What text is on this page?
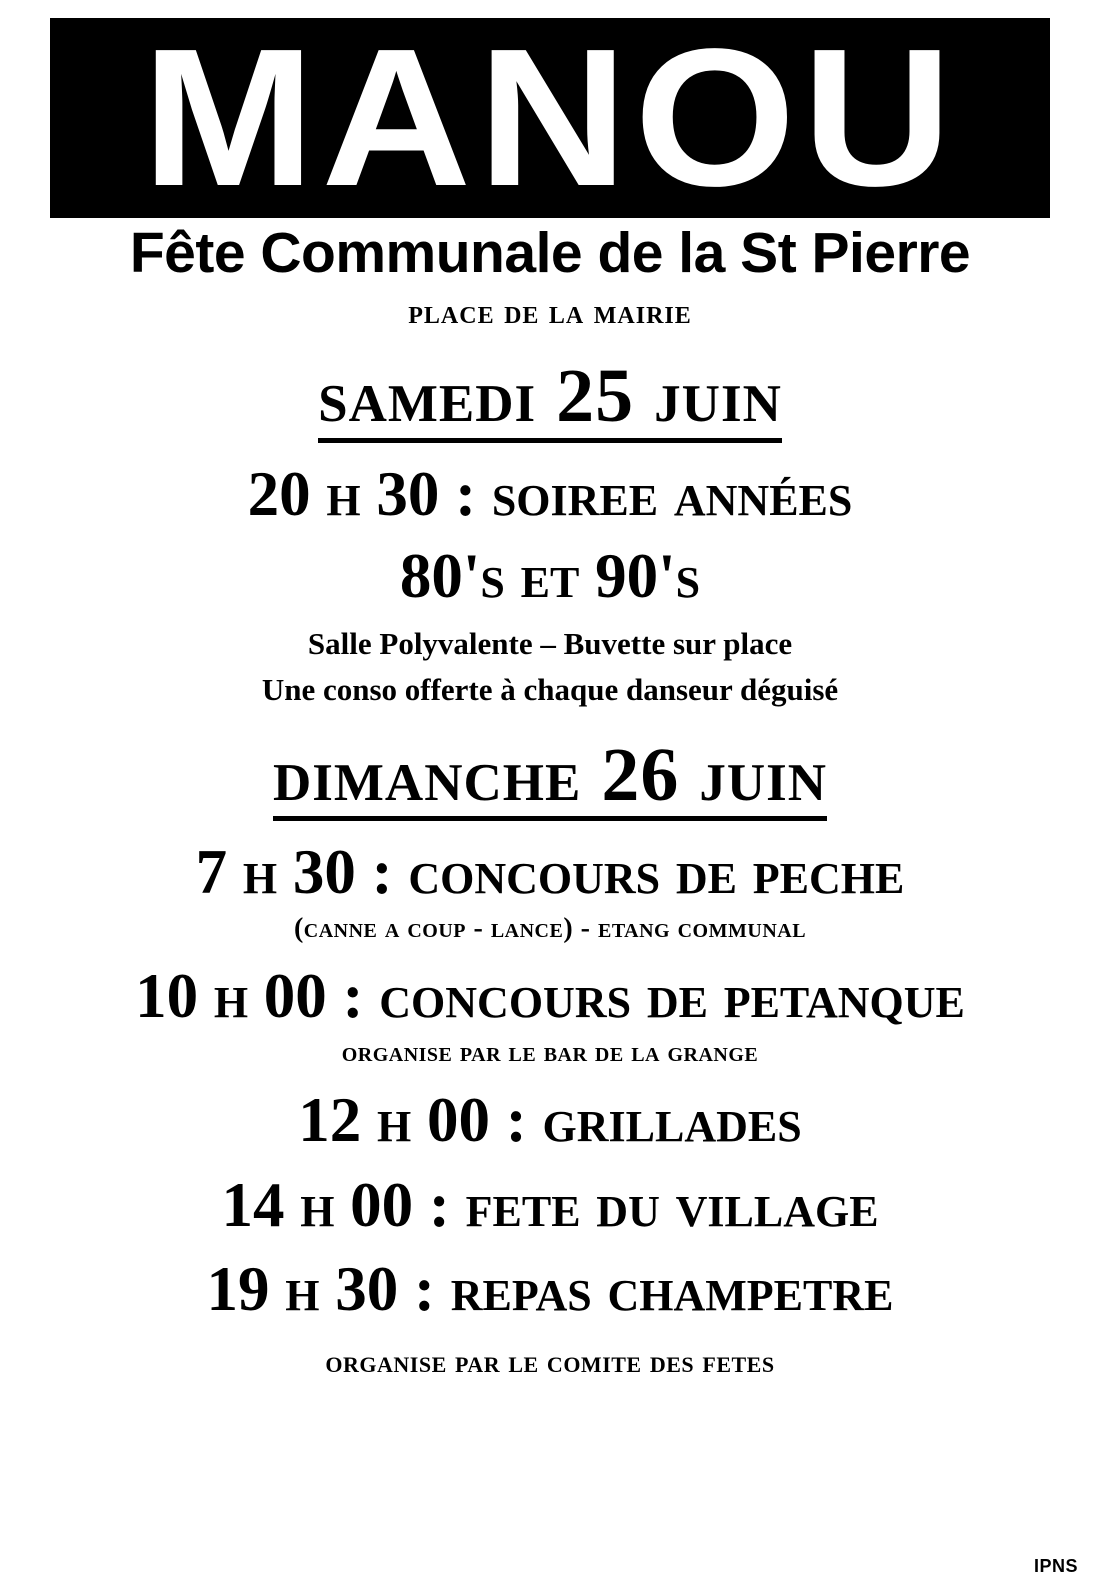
MANOU
Fête Communale de la St Pierre
place de la mairie
samedi 25 juin
20 h 30 : soiree années
80's et 90's
Salle Polyvalente – Buvette sur place
Une conso offerte à chaque danseur déguisé
dimanche 26 juin
7 h 30 : concours de peche
(canne a coup - lance) - etang communal
10 h 00 : concours de petanque
organise par le bar de la grange
12 h 00 : grillades
14 h 00 : fete du village
19 h 30 : repas champetre
organise par le comite des fetes
IPNS
